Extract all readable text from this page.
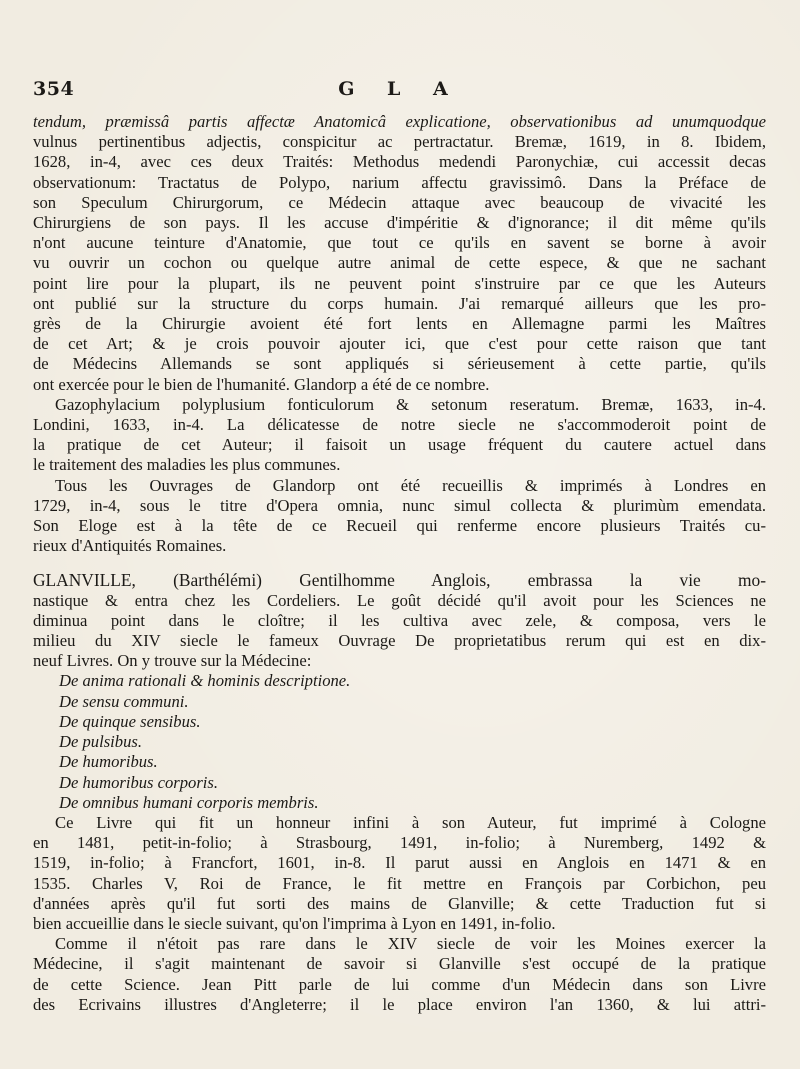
354	G L A
tendum, præmissâ partis affectæ Anatomicâ explicatione, observationibus ad unumquodque
vulnus pertinentibus adjectis, conspicitur ac pertractatur. Bremæ, 1619, in 8. Ibidem,
1628, in-4, avec ces deux Traités: Methodus medendi Paronychiæ, cui accessit decas
observationum: Tractatus de Polypo, narium affectu gravissimô. Dans la Préface de
son Speculum Chirurgorum, ce Médecin attaque avec beaucoup de vivacité les
Chirurgiens de son pays. Il les accuse d'impéritie & d'ignorance; il dit même qu'ils
n'ont aucune teinture d'Anatomie, que tout ce qu'ils en savent se borne à avoir
vu ouvrir un cochon ou quelque autre animal de cette espece, & que ne sachant
point lire pour la plupart, ils ne peuvent point s'instruire par ce que les Auteurs
ont publié sur la structure du corps humain. J'ai remarqué ailleurs que les pro-
grès de la Chirurgie avoient été fort lents en Allemagne parmi les Maîtres
de cet Art; & je crois pouvoir ajouter ici, que c'est pour cette raison que tant
de Médecins Allemands se sont appliqués si sérieusement à cette partie, qu'ils
ont exercée pour le bien de l'humanité. Glandorp a été de ce nombre.
Gazophylacium polyplusium fonticulorum & setonum reseratum. Bremæ, 1633, in-4.
Londini, 1633, in-4. La délicatesse de notre siecle ne s'accommoderoit point de
la pratique de cet Auteur; il faisoit un usage fréquent du cautere actuel dans
le traitement des maladies les plus communes.
Tous les Ouvrages de Glandorp ont été recueillis & imprimés à Londres en
1729, in-4, sous le titre d'Opera omnia, nunc simul collecta & plurimùm emendata.
Son Eloge est à la tête de ce Recueil qui renferme encore plusieurs Traités cu-
rieux d'Antiquités Romaines.
GLANVILLE, (Barthélémi) Gentilhomme Anglois, embrassa la vie mo-
nastique & entra chez les Cordeliers. Le goût décidé qu'il avoit pour les Sciences ne
diminua point dans le cloître; il les cultiva avec zele, & composa, vers le
milieu du XIV siecle le fameux Ouvrage De proprietatibus rerum qui est en dix-
neuf Livres. On y trouve sur la Médecine:
De anima rationali & hominis descriptione.
De sensu communi.
De quinque sensibus.
De pulsibus.
De humoribus.
De humoribus corporis.
De omnibus humani corporis membris.
Ce Livre qui fit un honneur infini à son Auteur, fut imprimé à Cologne
en 1481, petit-in-folio; à Strasbourg, 1491, in-folio; à Nuremberg, 1492 &
1519, in-folio; à Francfort, 1601, in-8. Il parut aussi en Anglois en 1471 & en
1535. Charles V, Roi de France, le fit mettre en François par Corbichon, peu
d'années après qu'il fut sorti des mains de Glanville; & cette Traduction fut si
bien accueillie dans le siecle suivant, qu'on l'imprima à Lyon en 1491, in-folio.
Comme il n'étoit pas rare dans le XIV siecle de voir les Moines exercer la
Médecine, il s'agit maintenant de savoir si Glanville s'est occupé de la pratique
de cette Science. Jean Pitt parle de lui comme d'un Médecin dans son Livre
des Ecrivains illustres d'Angleterre; il le place environ l'an 1360, & lui attri-
